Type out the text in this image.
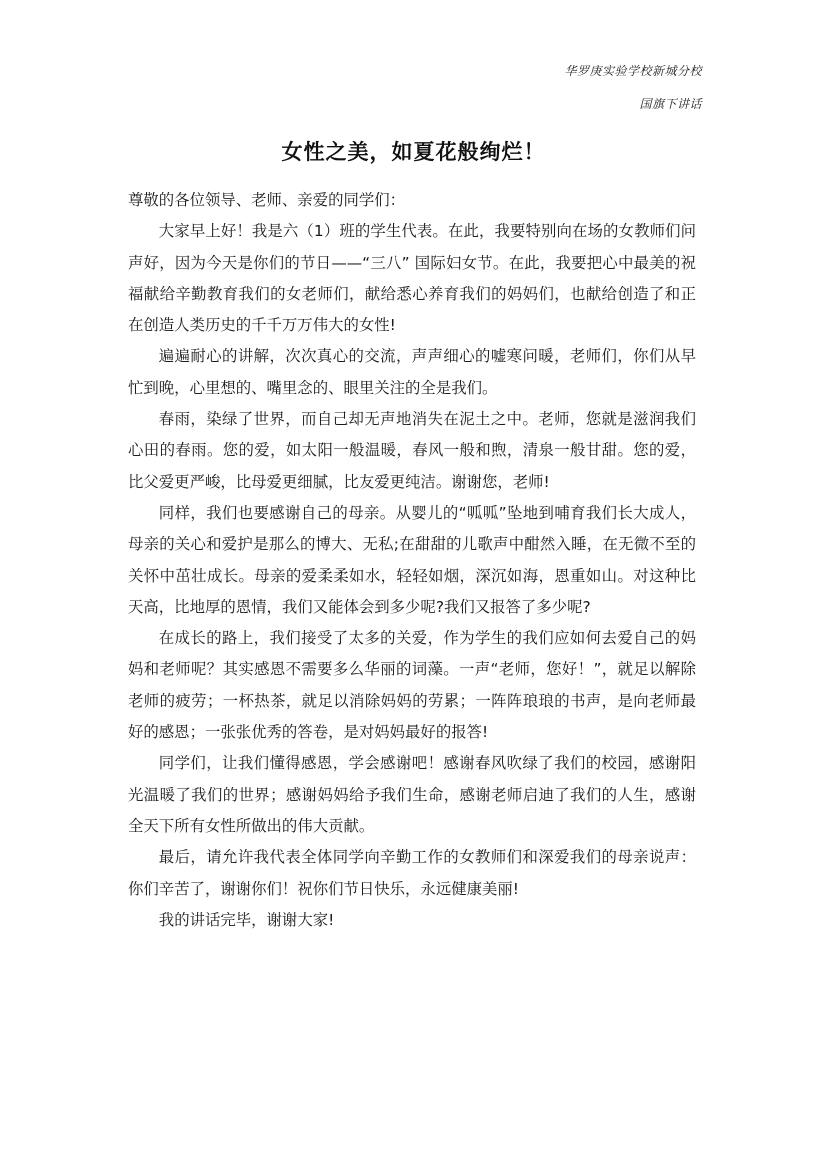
华罗庚实验学校新城分校
国旗下讲话
女性之美，如夏花般绚烂！

尊敬的各位领导、老师、亲爱的同学们：

大家早上好！我是六（1）班的学生代表。在此，我要特别向在场的女教师们问声好，因为今天是你们的节日——“三八” 国际妇女节。在此，我要把心中最美的祝福献给辛勤教育我们的女老师们，献给悉心养育我们的妈妈们，也献给创造了和正在创造人类历史的千千万万伟大的女性!

遍遍耐心的讲解，次次真心的交流，声声细心的嘘寒问暖，老师们，你们从早忙到晚，心里想的、嘴里念的、眼里关注的全是我们。

春雨，染绿了世界，而自己却无声地消失在泥土之中。老师，您就是滋润我们心田的春雨。您的爱，如太阳一般温暖，春风一般和煦，清泉一般甘甜。您的爱，比父爱更严峻，比母爱更细腻，比友爱更纯洁。谢谢您，老师!

同样，我们也要感谢自己的母亲。从婴儿的“呱呱”坠地到哺育我们长大成人，母亲的关心和爱护是那么的博大、无私;在甜甜的儿歌声中酣然入睡，在无微不至的关怀中茁壮成长。母亲的爱柔柔如水，轻轻如烟，深沉如海，恩重如山。对这种比天高，比地厚的恩情，我们又能体会到多少呢?我们又报答了多少呢?

在成长的路上，我们接受了太多的关爱，作为学生的我们应如何去爱自己的妈妈和老师呢？其实感恩不需要多么华丽的词藻。一声“老师，您好！”，就足以解除老师的疲劳；一杯热茶，就足以消除妈妈的劳累；一阵阵琅琅的书声，是向老师最好的感恩；一张张优秀的答卷，是对妈妈最好的报答!

同学们，让我们懂得感恩，学会感谢吧！感谢春风吹绿了我们的校园，感谢阳光温暖了我们的世界；感谢妈妈给予我们生命，感谢老师启迪了我们的人生，感谢全天下所有女性所做出的伟大贡献。

最后，请允许我代表全体同学向辛勤工作的女教师们和深爱我们的母亲说声：你们辛苦了，谢谢你们！祝你们节日快乐，永远健康美丽!

我的讲话完毕，谢谢大家!
